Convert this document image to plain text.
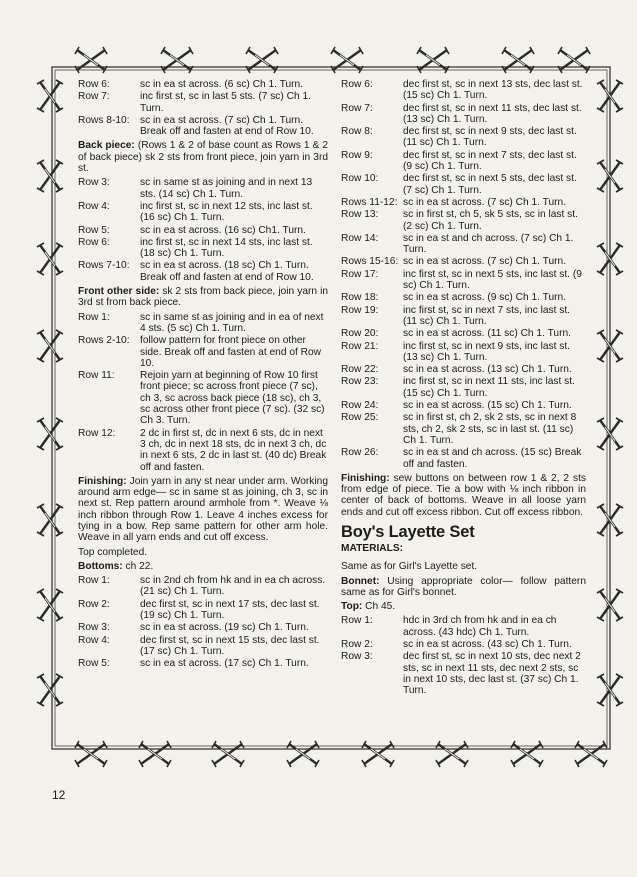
Row 6:	sc in ea st across. (6 sc) Ch 1. Turn.
Row 7:	inc first st, sc in last 5 sts. (7 sc) Ch 1. Turn.
Rows 8-10:	sc in ea st across. (7 sc) Ch 1. Turn. Break off and fasten at end of Row 10.
Back piece: (Rows 1 & 2 of base count as Rows 1 & 2 of back piece) sk 2 sts from front piece, join yarn in 3rd st.
Row 3:	sc in same st as joining and in next 13 sts. (14 sc) Ch 1. Turn.
Row 4:	inc first st, sc in next 12 sts, inc last st. (16 sc) Ch 1. Turn.
Row 5:	sc in ea st across. (16 sc) Ch1. Turn.
Row 6:	inc first st, sc in next 14 sts, inc last st. (18 sc) Ch 1. Turn.
Rows 7-10:	sc in ea st across. (18 sc) Ch 1. Turn. Break off and fasten at end of Row 10.
Front other side: sk 2 sts from back piece, join yarn in 3rd st from back piece.
Row 1:	sc in same st as joining and in ea of next 4 sts. (5 sc) Ch 1. Turn.
Rows 2-10:	follow pattern for front piece on other side. Break off and fasten at end of Row 10.
Row 11:	Rejoin yarn at beginning of Row 10 first front piece; sc across front piece (7 sc), ch 3, sc across back piece (18 sc), ch 3, sc across other front piece (7 sc). (32 sc) Ch 3. Turn.
Row 12:	2 dc in first st, dc in next 6 sts, dc in next 3 ch, dc in next 18 sts, dc in next 3 ch, dc in next 6 sts, 2 dc in last st. (40 dc) Break off and fasten.
Finishing: Join yarn in any st near under arm. Working around arm edge— sc in same st as joining, ch 3, sc in next st. Rep pattern around armhole from *. Weave ⅛ inch ribbon through Row 1. Leave 4 inches excess for tying in a bow. Rep same pattern for other arm hole. Weave in all yarn ends and cut off excess.
Top completed.
Bottoms: ch 22.
Row 1:	sc in 2nd ch from hk and in ea ch across. (21 sc) Ch 1. Turn.
Row 2:	dec first st, sc in next 17 sts, dec last st. (19 sc) Ch 1. Turn.
Row 3:	sc in ea st across. (19 sc) Ch 1. Turn.
Row 4:	dec first st, sc in next 15 sts, dec last st. (17 sc) Ch 1. Turn.
Row 5:	sc in ea st across. (17 sc) Ch 1. Turn.
Row 6:	dec first st, sc in next 13 sts, dec last st. (15 sc) Ch 1. Turn.
Row 7:	dec first st, sc in next 11 sts, dec last st. (13 sc) Ch 1. Turn.
Row 8:	dec first st, sc in next 9 sts, dec last st. (11 sc) Ch 1. Turn.
Row 9:	dec first st, sc in next 7 sts, dec last st. (9 sc) Ch 1. Turn.
Row 10:	dec first st, sc in next 5 sts, dec last st. (7 sc) Ch 1. Turn.
Rows 11-12: sc in ea st across. (7 sc) Ch 1. Turn.
Row 13:	sc in first st, ch 5, sk 5 sts, sc in last st. (2 sc) Ch 1. Turn.
Row 14:	sc in ea st and ch across. (7 sc) Ch 1. Turn.
Rows 15-16: sc in ea st across. (7 sc) Ch 1. Turn.
Row 17:	inc first st, sc in next 5 sts, inc last st. (9 sc) Ch 1. Turn.
Row 18:	sc in ea st across. (9 sc) Ch 1. Turn.
Row 19:	inc first st, sc in next 7 sts, inc last st. (11 sc) Ch 1. Turn.
Row 20:	sc in ea st across. (11 sc) Ch 1. Turn.
Row 21:	inc first st, sc in next 9 sts, inc last st. (13 sc) Ch 1. Turn.
Row 22:	sc in ea st across. (13 sc) Ch 1. Turn.
Row 23:	inc first st, sc in next 11 sts, inc last st. (15 sc) Ch 1. Turn.
Row 24:	sc in ea st across. (15 sc) Ch 1. Turn.
Row 25:	sc in first st, ch 2, sk 2 sts, sc in next 8 sts, ch 2, sk 2 sts, sc in last st. (11 sc) Ch 1. Turn.
Row 26:	sc in ea st and ch across. (15 sc) Break off and fasten.
Finishing: sew buttons on between row 1 & 2, 2 sts from edge of piece. Tie a bow with ⅛ inch ribbon in center of back of bottoms. Weave in all loose yarn ends and cut off excess ribbon. Cut off excess ribbon.
Boy's Layette Set
MATERIALS:
Same as for Girl's Layette set.
Bonnet: Using appropriate color— follow pattern same as for Girl's bonnet.
Top: Ch 45.
Row 1:	hdc in 3rd ch from hk and in ea ch across. (43 hdc) Ch 1. Turn.
Row 2:	sc in ea st across. (43 sc) Ch 1. Turn.
Row 3:	dec first st, sc in next 10 sts, dec next 2 sts, sc in next 11 sts, dec next 2 sts, sc in next 10 sts, dec last st. (37 sc) Ch 1. Turn.
12
